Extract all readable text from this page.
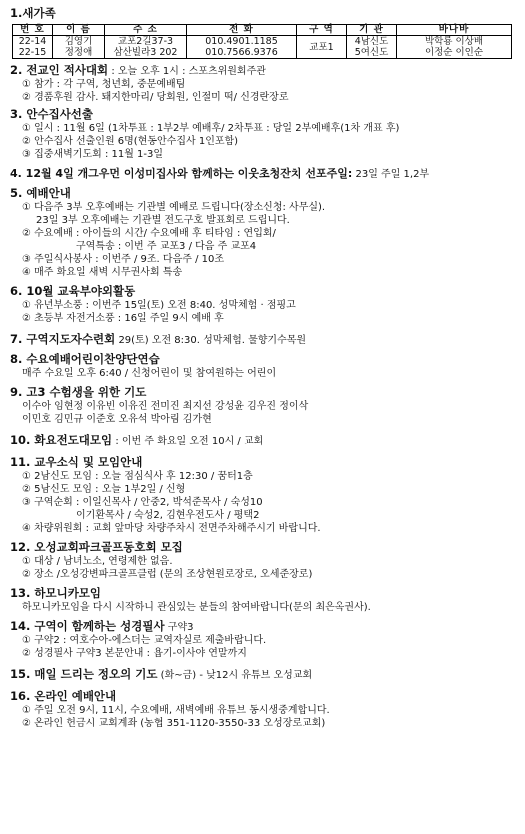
1.새가족
번 호	이 름	주 소	전 화	구 역	기 관	바나바
22-14	김영기	교포2길37-3	010.4901.1185	교포1	4남신도	박학룡 이상배
22-15	정정애	삼산빌라3 202	010.7566.9376		5여신도	이정순 이인순
2. 전교인 적사대회 : 오늘 오후 1시 : 스포츠위원회주관
① 참가 : 각 구역, 청년회, 중문예배팀
② 경품후원 감사. 돼지한마리/ 당회원, 인절미 떡/ 신경란장로
3. 안수집사선출
① 일시 : 11월 6일 (1차투표 : 1부2부 예배후/ 2차투표 : 당일 2부예배후(1차 개표 후)
② 안수집사 선출인원 6명(현동안수집사 1인포함)
③ 집중새벽기도회 : 11월 1-3일
4. 12월 4일 개그우먼 이성미집사와 함께하는 이웃초청잔치 선포주일: 23일 주일 1,2부
5. 예배안내
① 다음주 3부 오후예배는 기관별 예배로 드립니다(장소신청: 사무실).
23일 3부 오후예배는 기관별 전도구호 발표회로 드립니다.
② 수요예배 : 아이들의 시간/ 수요예배 후 티타임 : 연입회/
구역특송 : 이번 주 교포3 / 다음 주 교포4
③ 주일식사봉사 : 이번주 / 9조. 다음주 / 10조
④ 매주 화요일 새벽 시무권사회 특송
6. 10월 교육부야외활동
① 유년부소풍 : 이번주 15일(토) 오전 8:40. 성막체험 · 점핑고
② 초등부 자전거소풍 : 16일 주일 9시 예배 후
7. 구역지도자수련회 29(토) 오전 8:30. 성막체험. 물향기수목원
8. 수요예배어린이찬양단연습
매주 수요일 오후 6:40 / 신청어린이 및 참여원하는 어린이
9. 고3 수험생을 위한 기도
이수아 임현정 이유빈 이유진 전미진 최지선 강성윤 김우진 정이삭
이민호 김민규 이준호 오유석 박아림 김가현
10. 화요전도대모임 : 이번 주 화요일 오전 10시 / 교회
11. 교우소식 및 모임안내
① 2남신도 모임 : 오늘 점심식사 후 12:30 / 꿈터1층
② 5남신도 모임 : 오늘 1부2일 / 신형
③ 구역순회 : 이일신목사 / 안중2, 박석준목사 / 숙성10
이기환목사 / 숙성2, 김현우전도사 / 평택2
④ 차량위원회 : 교회 앞마당 차량주차시 전면주차해주시기 바랍니다.
12. 오성교회파크골프동호회 모집
① 대상 / 남녀노소, 연령제한 없음.
② 장소 /오성강변파크골프클럽 (문의 조상현원로장로, 오세준장로)
13. 하모니카모임
하모니카모임을 다시 시작하니 관심있는 분들의 참여바랍니다(문의 최은옥권사).
14. 구역이 함께하는 성경필사 구약3
① 구약2 : 여호수아-에스더는 교역자실로 제출바랍니다.
② 성경필사 구약3 본문안내 : 욥기-이사야 연말까지
15. 매일 드리는 정오의 기도 (화~금) - 낮12시 유튜브 오성교회
16. 온라인 예배안내
① 주일 오전 9시, 11시, 수요예배, 새벽예배 유튜브 동시생중계합니다.
② 온라인 헌금시 교회계좌 (농협 351-1120-3550-33 오성장로교회)
